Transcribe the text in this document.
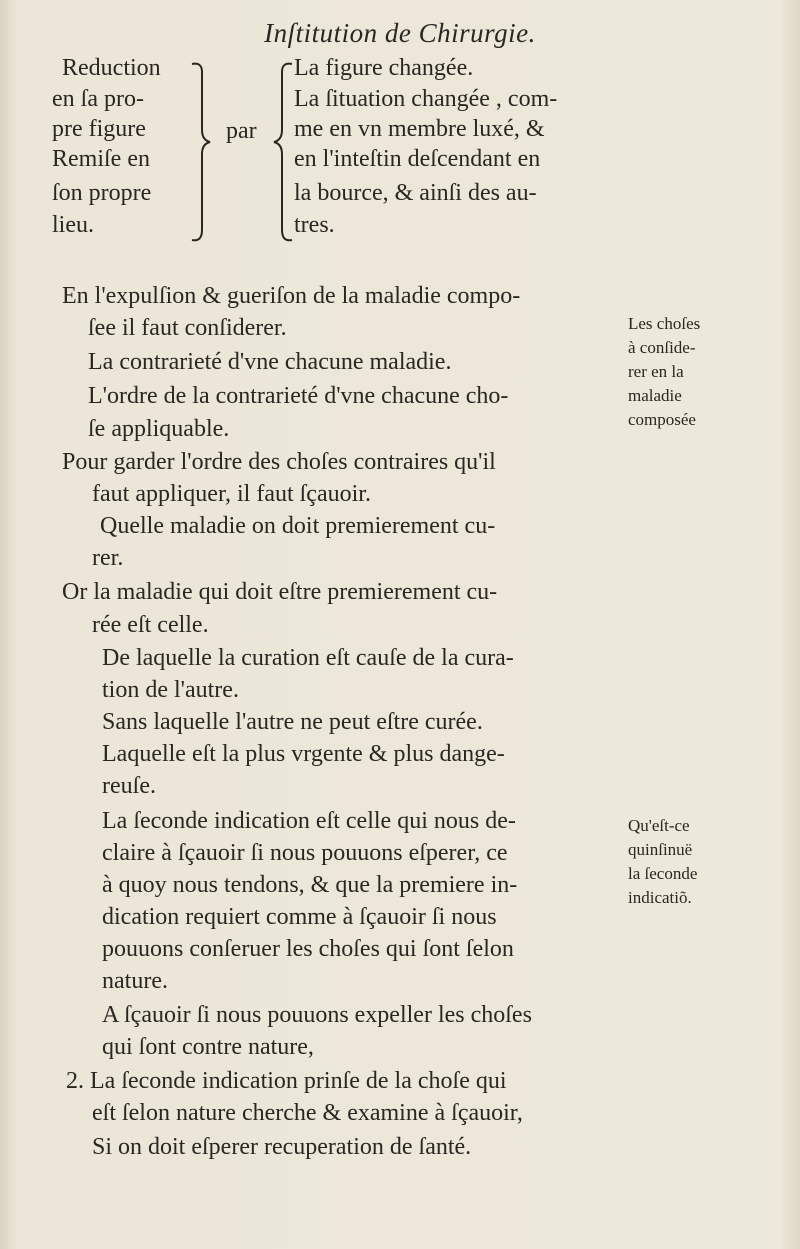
Inſtitution de Chirurgie.
Reduction
en ſa pro-
pre figure
Remiſe en
ſon propre
lieu.
par
La figure changée.
La ſituation changée , com-
me en vn membre luxé, &
en l'inteſtin deſcendant en
la bource, & ainſi des au-
tres.
En l'expulſion & gueriſon de la maladie compo-
ſee il faut conſiderer.
La contrarieté d'vne chacune maladie.
L'ordre de la contrarieté d'vne chacune cho-
ſe appliquable.
Pour garder l'ordre des choſes contraires qu'il
faut appliquer, il faut ſçauoir.
Quelle maladie on doit premierement cu-
rer.
Or la maladie qui doit eſtre premierement cu-
rée eſt celle.
De laquelle la curation eſt cauſe de la cura-
tion de l'autre.
Sans laquelle l'autre ne peut eſtre curée.
Laquelle eſt la plus vrgente & plus dange-
reuſe.
La ſeconde indication eſt celle qui nous de-
claire à ſçauoir ſi nous pouuons eſperer, ce
à quoy nous tendons, & que la premiere in-
dication requiert comme à ſçauoir ſi nous
pouuons conſeruer les choſes qui ſont ſelon
nature.
A ſçauoir ſi nous pouuons expeller les choſes
qui ſont contre nature,
2. La ſeconde indication prinſe de la choſe qui
eſt ſelon nature cherche & examine à ſçauoir,
Si on doit eſperer recuperation de ſanté.
Les choſes
à conſide-
rer en la
maladie
composée
Qu'eſt-ce
quinſinuë
la ſeconde
indicatiõ.
